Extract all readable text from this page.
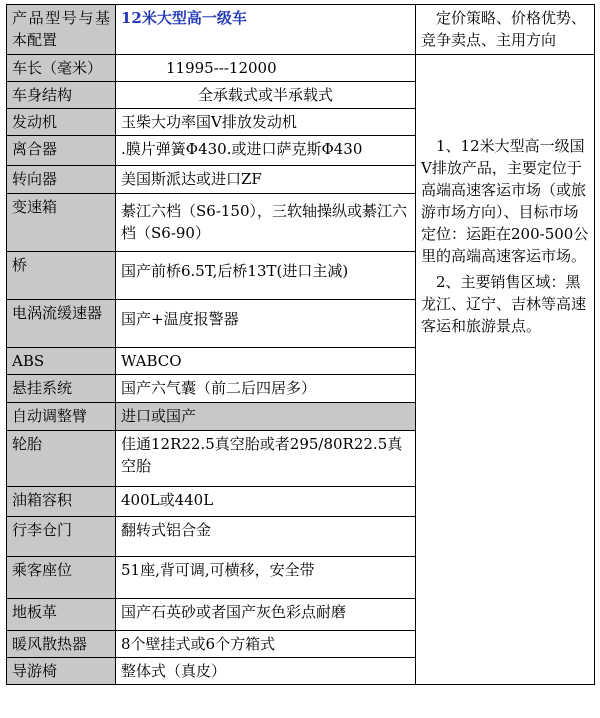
产品型号与基本配置	12米大型高一级车	定价策略、价格优势、竞争卖点、主用方向
车长（毫米）	11995---12000	1、12米大型高一级国Ⅴ排放产品，主要定位于高端高速客运市场（或旅游市场方向）、目标市场定位：运距在200-500公里的高端高速客运市场。

2、主要销售区域：黑龙江、辽宁、吉林等高速客运和旅游景点。

车身结构	全承载式或半承载式	
发动机	玉柴大功率国Ⅴ排放发动机	
离合器	.膜片弹簧Φ430.或进口萨克斯Φ430	
转向器	美国斯派达或进口ZF	
变速箱	綦江六档（S6-150），三软轴操纵或綦江六档（S6-90）	
桥	国产前桥6.5T,后桥13T(进口主减)	
电涡流缓速器	国产+温度报警器	
ABS	WABCO	
悬挂系统	国产六气囊（前二后四居多）	
自动调整臂	进口或国产	
轮胎	佳通12R22.5真空胎或者295/80R22.5真空胎	
油箱容积	400L或440L	
行李仓门	翻转式铝合金	
乘客座位	51座,背可调,可横移，安全带	
地板革	国产石英砂或者国产灰色彩点耐磨	
暖风散热器	8个壁挂式或6个方箱式	
导游椅	整体式（真皮）	
